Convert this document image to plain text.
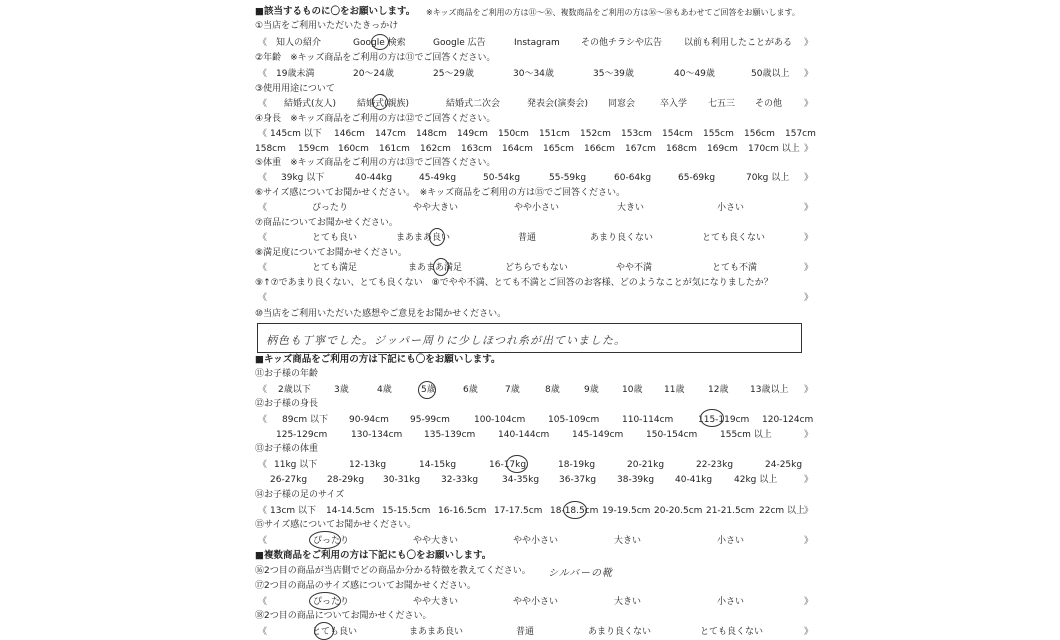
■該当するものに〇をお願いします。 ※キッズ商品をご利用の方は⑪～⑯、複数商品をご利用の方は⑯～⑱もあわせてご回答をお願いします。
①当店をご利用いただいたきっかけ
《 知人の紹介	Google 検索	Google 広告	Instagram その他チラシや広告 以前も利用したことがある 》
②年齢　※キッズ商品をご利用の方は⑪でご回答ください。
《 19歳未満	20～24歳	25～29歳	30～34歳	35～39歳	40～49歳	50歳以上 》
③使用用途について
《 結婚式(友人) 結婚式(親族)	結婚式二次会	発表会(演奏会) 同窓会	卒入学 七五三 その他 》
④身長　※キッズ商品をご利用の方は⑫でご回答ください。
《 145cm 以下 146cm 147cm 148cm 149cm 150cm 151cm 152cm 153cm 154cm 155cm 156cm 157cm
158cm 159cm 160cm 161cm 162cm 163cm 164cm 165cm 166cm 167cm 168cm 169cm 170cm 以上 》
⑤体重　※キッズ商品をご利用の方は⑬でご回答ください。
《 39kg 以下	40-44kg	45-49kg	50-54kg	55-59kg	60-64kg	65-69kg	70kg 以上 》
⑥サイズ感についてお聞かせください。　※キッズ商品をご利用の方は⑮でご回答ください。
《	ぴったり	やや大きい	やや小さい	大きい	小さい	》
⑦商品についてお聞かせください。
《	とても良い	まあまあ良い	普通	あまり良くない	とても良くない	》
⑧満足度についてお聞かせください。
《	とても満足	まあまあ満足	どちらでもない	やや不満	とても不満	》
⑨↑⑦であまり良くない、とても良くない　⑧でやや不満、とても不満とご回答のお客様、どのようなことが気になりましたか？
《	》
⑩当店をご利用いただいた感想やご意見をお聞かせください。
柄色も丁寧でした。ジッパー周りに少しほつれ糸が出ていました。
■キッズ商品をご利用の方は下記にも〇をお願いします。
⑪お子様の年齢
《 2歳以下	3歳	4歳	5歳	6歳	7歳	8歳	9歳	10歳 11歳	12歳 13歳以上 》
⑫お子様の身長
《 89cm 以下 90-94cm 95-99cm	100-104cm	105-109cm	110-114cm	115-119cm 120-124cm
125-129cm	130-134cm 135-139cm	140-144cm	145-149cm	150-154cm	155cm 以上	》
⑬お子様の体重
《 11kg 以下	12-13kg	14-15kg	16-17kg	18-19kg	20-21kg	22-23kg	24-25kg
26-27kg 28-29kg 30-31kg 32-33kg	34-35kg 36-37kg 38-39kg 40-41kg 42kg 以上	》
⑭お子様の足のサイズ
《 13cm 以下 14-14.5cm 15-15.5cm 16-16.5cm 17-17.5cm 18-18.5cm 19-19.5cm 20-20.5cm 21-21.5cm 22cm 以上
》
⑮サイズ感についてお聞かせください。
《	ぴったり	やや大きい	やや小さい	大きい	小さい	》
■複数商品をご利用の方は下記にも〇をお願いします。
⑯2つ目の商品が当店側でどの商品か分かる特徴を教えてください。 シルバーの靴
⑰2つ目の商品のサイズ感についてお聞かせください。
《	ぴったり	やや大きい	やや小さい	大きい	小さい	》
⑱2つ目の商品についてお聞かせください。
《	とても良い	まあまあ良い	普通	あまり良くない	とても良くない	》
